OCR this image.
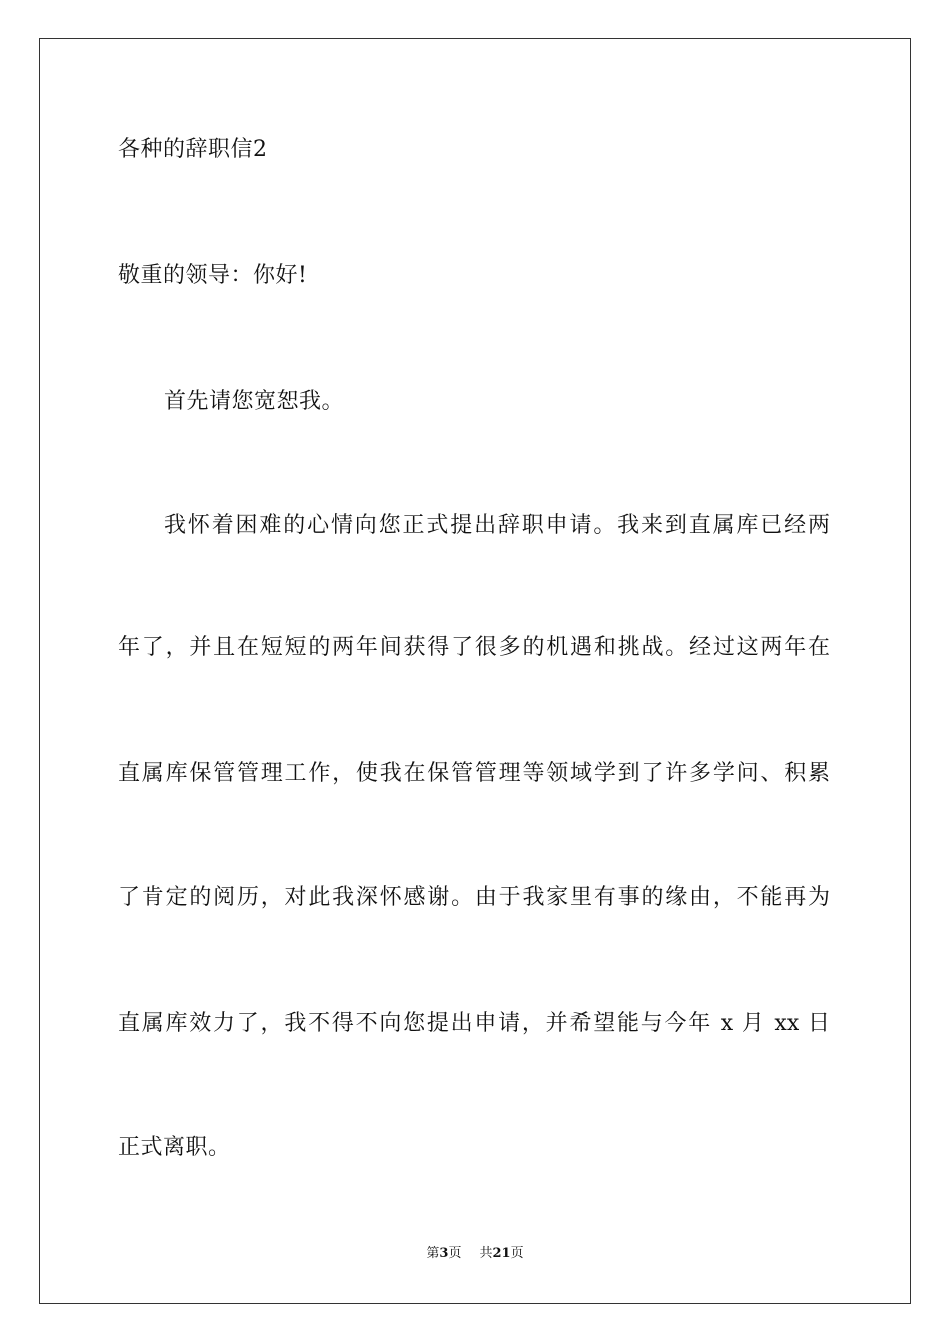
各种的辞职信2
敬重的领导：你好!
首先请您宽恕我。
我怀着困难的心情向您正式提出辞职申请。我来到直属库已经两
年了，并且在短短的两年间获得了很多的机遇和挑战。经过这两年在
直属库保管管理工作，使我在保管管理等领域学到了许多学问、积累
了肯定的阅历，对此我深怀感谢。由于我家里有事的缘由，不能再为
直属库效力了，我不得不向您提出申请，并希望能与今年 x 月 xx 日
正式离职。
第3页 共21页
